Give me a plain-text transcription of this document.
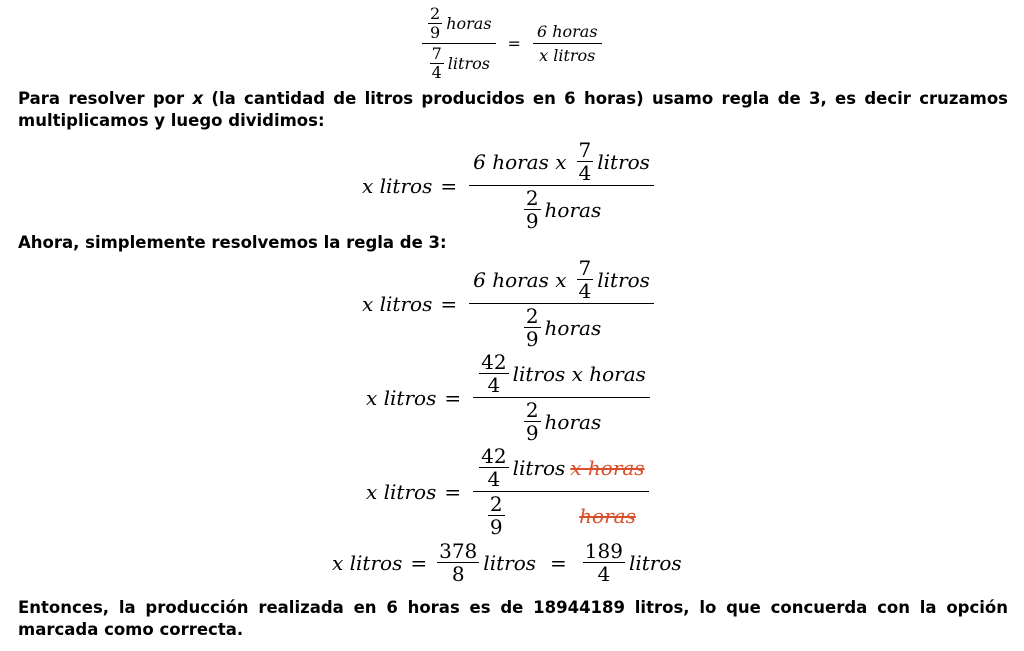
2
9 horas
7
4 litros = $\frac{\text{6 horas}}{\text{x litros}}$

Para resolver por x (la cantidad de litros producidos en 6 horas) usamo regla de 3, es decir cruzamos multiplicamos y luego dividimos:

x litros = 6 horas x 7
4 litros
2
9 horas

Ahora, simplemente resolvemos la regla de 3:

x litros = 6 horas x 7
4 litros
2
9 horas
x litros = 42
4 litros x horas
2
9 horas
x litros = 42
4 litros x horas
2
9	horas
x litros = $\frac{378}{8}$ litros = $\frac{189}{4}$ litros

Entonces, la producción realizada en 6 horas es de 18944189 litros, lo que concuerda con la opción marcada como correcta.
